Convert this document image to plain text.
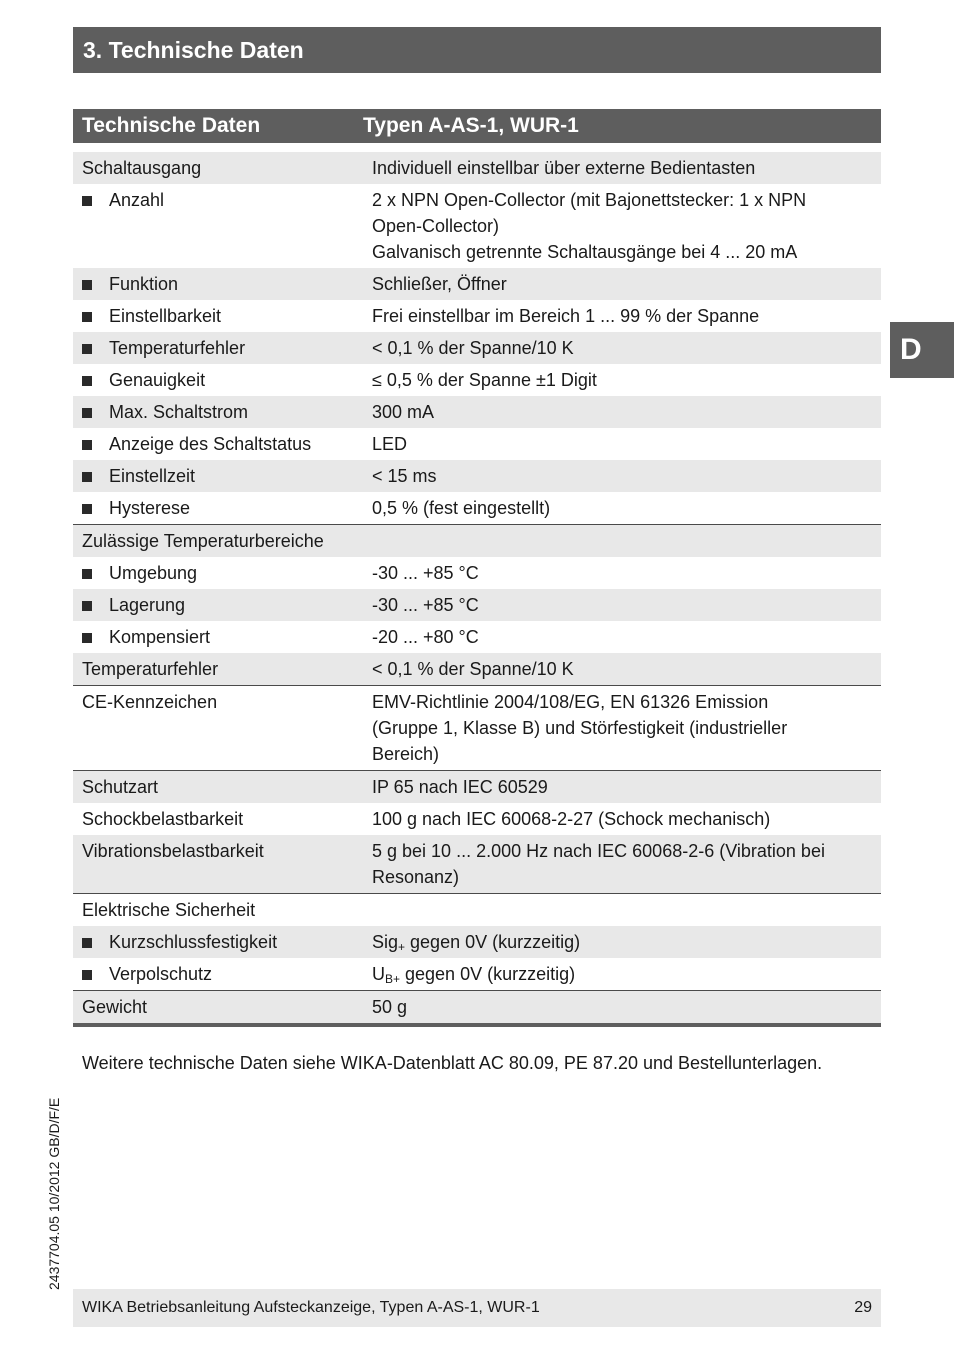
3. Technische Daten
D
Technische Daten	Typen A-AS-1, WUR-1
Schaltausgang	Individuell einstellbar über externe Bedientasten
Anzahl	2 x NPN Open-Collector (mit Bajonettstecker: 1 x NPN
Open-Collector)
Galvanisch getrennte Schaltausgänge bei 4 ... 20 mA
Funktion	Schließer, Öffner
Einstellbarkeit	Frei einstellbar im Bereich 1 ... 99 % der Spanne
Temperaturfehler	< 0,1 % der Spanne/10 K
Genauigkeit	≤ 0,5 % der Spanne ±1 Digit
Max. Schaltstrom	300 mA
Anzeige des Schaltstatus	LED
Einstellzeit	< 15 ms
Hysterese	0,5 % (fest eingestellt)
Zulässige Temperaturbereiche

Umgebung	-30 ... +85 °C
Lagerung	-30 ... +85 °C
Kompensiert	-20 ... +80 °C
Temperaturfehler	< 0,1 % der Spanne/10 K
CE-Kennzeichen	EMV-Richtlinie 2004/108/EG, EN 61326 Emission
(Gruppe 1, Klasse B) und Störfestigkeit (industrieller
Bereich)
Schutzart	IP 65 nach IEC 60529
Schockbelastbarkeit	100 g nach IEC 60068-2-27 (Schock mechanisch)
Vibrationsbelastbarkeit	5 g bei 10 ... 2.000 Hz nach IEC 60068-2-6 (Vibration bei
Resonanz)
Elektrische Sicherheit

Kurzschlussfestigkeit	Sig$_+$ gegen 0V (kurzzeitig)
Verpolschutz	$U_{B+}$ gegen 0V (kurzzeitig)
Gewicht	50 g
Weitere technische Daten siehe WIKA-Datenblatt AC 80.09, PE 87.20 und Bestellunterlagen.
2437704.05 10/2012 GB/D/F/E
WIKA Betriebsanleitung Aufsteckanzeige, Typen A-AS-1, WUR-1	29
